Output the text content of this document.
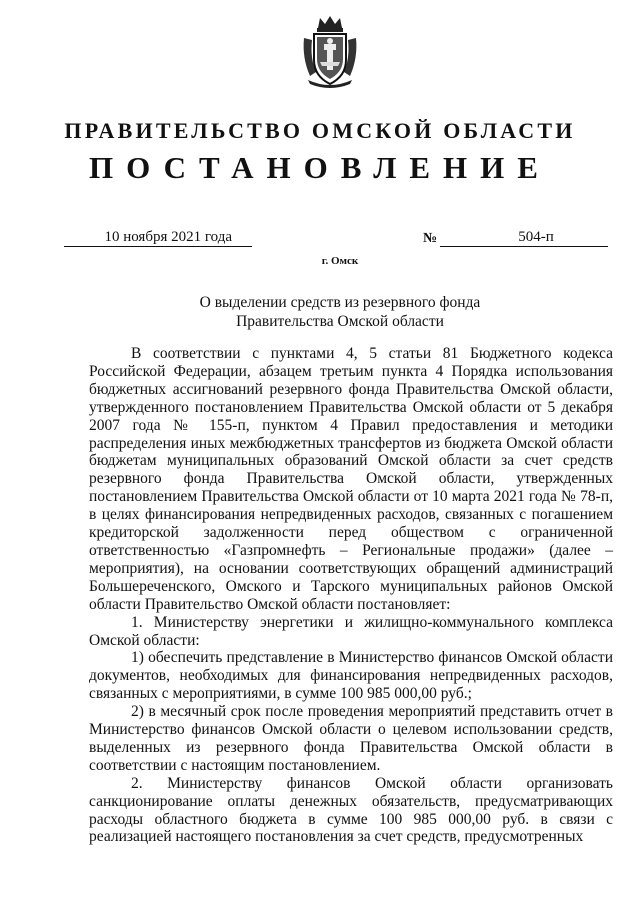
ПРАВИТЕЛЬСТВО ОМСКОЙ ОБЛАСТИ
ПОСТАНОВЛЕНИЕ
10 ноября 2021 года	№	504-п
г. Омск
О выделении средств из резервного фонда
Правительства Омской области

В соответствии с пунктами 4, 5 статьи 81 Бюджетного кодекса Российской Федерации, абзацем третьим пункта 4 Порядка использования бюджетных ассигнований резервного фонда Правительства Омской области, утвержденного постановлением Правительства Омской области от 5 декабря 2007 года № 155-п, пунктом 4 Правил предоставления и методики распределения иных межбюджетных трансфертов из бюджета Омской области бюджетам муниципальных образований Омской области за счет средств резервного фонда Правительства Омской области, утвержденных постановлением Правительства Омской области от 10 марта 2021 года № 78-п, в целях финансирования непредвиденных расходов, связанных с погашением кредиторской задолженности перед обществом с ограниченной ответственностью «Газпромнефть – Региональные продажи» (далее – мероприятия), на основании соответствующих обращений администраций Большереченского, Омского и Тарского муниципальных районов Омской области Правительство Омской области постановляет:

1. Министерству энергетики и жилищно-коммунального комплекса Омской области:

1) обеспечить представление в Министерство финансов Омской области документов, необходимых для финансирования непредвиденных расходов, связанных с мероприятиями, в сумме 100 985 000,00 руб.;

2) в месячный срок после проведения мероприятий представить отчет в Министерство финансов Омской области о целевом использовании средств, выделенных из резервного фонда Правительства Омской области в соответствии с настоящим постановлением.

2. Министерству финансов Омской области организовать санкционирование оплаты денежных обязательств, предусматривающих расходы областного бюджета в сумме 100 985 000,00 руб. в связи с реализацией настоящего постановления за счет средств, предусмотренных
